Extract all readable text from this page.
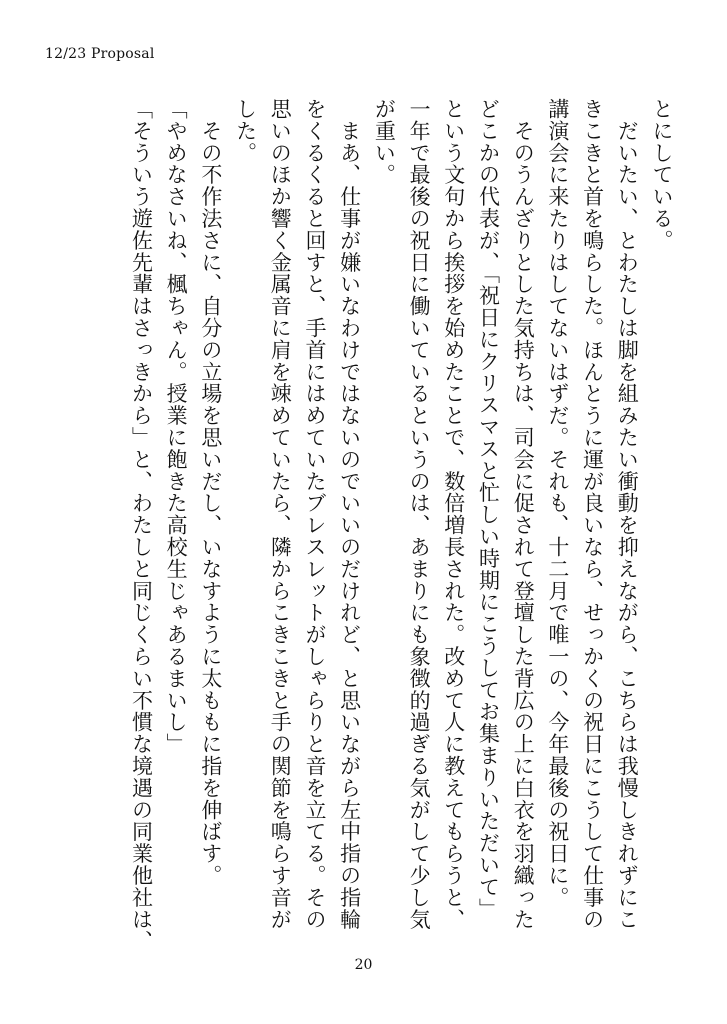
12/23 Proposal

とにしている。

　だいたい、とわたしは脚を組みたい衝動を抑えながら、こちらは我慢しきれずにこ

きこきと首を鳴らした。ほんとうに運が良いなら、せっかくの祝日にこうして仕事の

講演会に来たりはしてないはずだ。それも、十二月で唯一の、今年最後の祝日に。

　そのうんざりとした気持ちは、司会に促されて登壇した背広の上に白衣を羽織った

どこかの代表が、「祝日にクリスマスと忙しい時期にこうしてお集まりいただいて」

という文句から挨拶を始めたことで、数倍増長された。改めて人に教えてもらうと、

一年で最後の祝日に働いているというのは、あまりにも象徴的過ぎる気がして少し気

が重い。

　まあ、仕事が嫌いなわけではないのでいいのだけれど、と思いながら左中指の指輪

をくるくると回すと、手首にはめていたブレスレットがしゃらりと音を立てる。その

思いのほか響く金属音に肩を竦めていたら、隣からこきこきと手の関節を鳴らす音が

した。

　その不作法さに、自分の立場を思いだし、いなすように太ももに指を伸ばす。

「やめなさいね、楓ちゃん。授業に飽きた高校生じゃあるまいし」

「そういう遊佐先輩はさっきから」と、わたしと同じくらい不慣な境遇の同業他社は、

20
